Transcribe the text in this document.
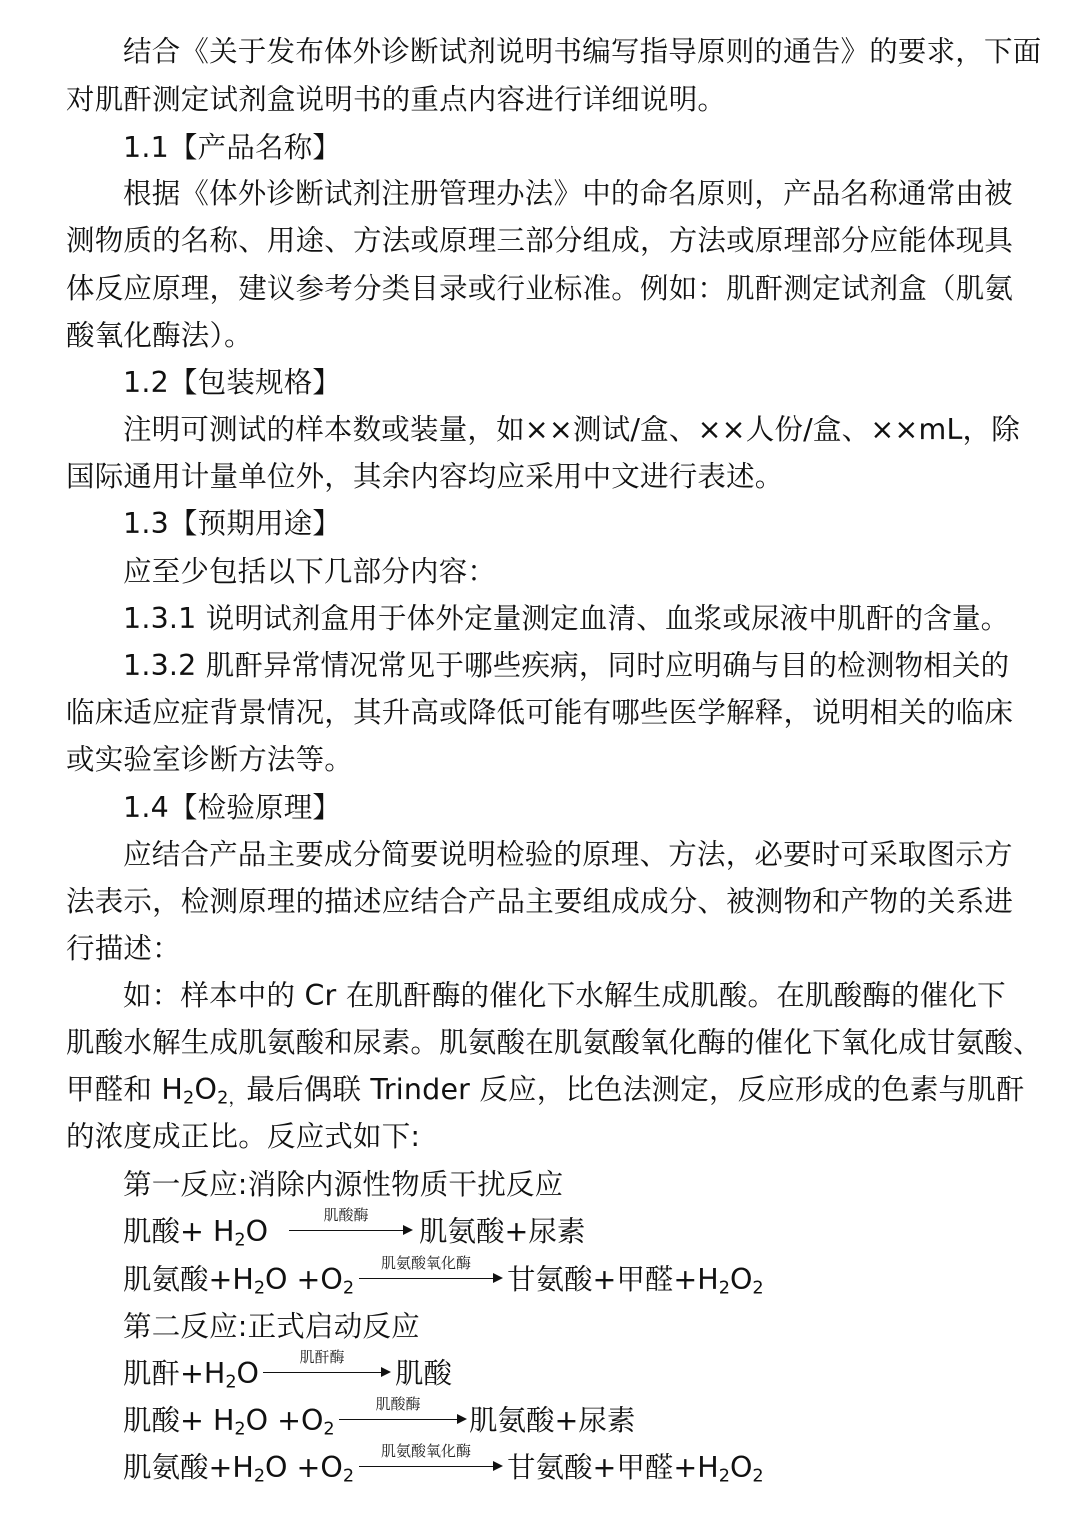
结合《关于发布体外诊断试剂说明书编写指导原则的通告》的要求，下面
对肌酐测定试剂盒说明书的重点内容进行详细说明。
1.1【产品名称】
根据《体外诊断试剂注册管理办法》中的命名原则，产品名称通常由被
测物质的名称、用途、方法或原理三部分组成，方法或原理部分应能体现具
体反应原理，建议参考分类目录或行业标准。例如：肌酐测定试剂盒（肌氨
酸氧化酶法）。
1.2【包装规格】
注明可测试的样本数或装量，如××测试/盒、××人份/盒、××mL，除
国际通用计量单位外，其余内容均应采用中文进行表述。
1.3【预期用途】
应至少包括以下几部分内容：
1.3.1 说明试剂盒用于体外定量测定血清、血浆或尿液中肌酐的含量。
1.3.2 肌酐异常情况常见于哪些疾病，同时应明确与目的检测物相关的
临床适应症背景情况，其升高或降低可能有哪些医学解释，说明相关的临床
或实验室诊断方法等。
1.4【检验原理】
应结合产品主要成分简要说明检验的原理、方法，必要时可采取图示方
法表示，检测原理的描述应结合产品主要组成成分、被测物和产物的关系进
行描述：
如：样本中的 Cr 在肌酐酶的催化下水解生成肌酸。在肌酸酶的催化下
肌酸水解生成肌氨酸和尿素。肌氨酸在肌氨酸氧化酶的催化下氧化成甘氨酸、
甲醛和 $H_2O_{2,}$最后偶联 Trinder 反应，比色法测定，反应形成的色素与肌酐
的浓度成正比。反应式如下:
第一反应:消除内源性物质干扰反应
肌酸+ $H_2O$	肌酸酶	肌氨酸+尿素
肌氨酸$+H_2O +O_2$
肌氨酸氧化酶	甘氨酸+甲醛$+H_2O_2$
第二反应:正式启动反应
肌酐$+H_2O$	肌酐酶	肌酸
肌酸+ $H_2O +O_2$
肌酸酶	肌氨酸+尿素
肌氨酸$+H_2O +O_2$
肌氨酸氧化酶	甘氨酸+甲醛$+H_2O_2$
